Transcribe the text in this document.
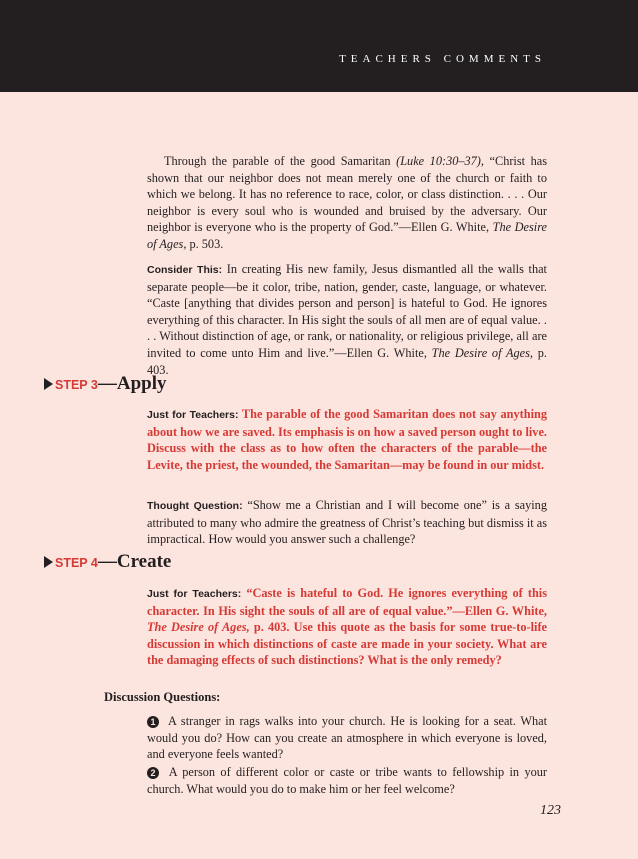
TEACHERS COMMENTS
Through the parable of the good Samaritan (Luke 10:30–37), “Christ has shown that our neighbor does not mean merely one of the church or faith to which we belong. It has no reference to race, color, or class distinction. . . . Our neighbor is every soul who is wounded and bruised by the adversary. Our neighbor is everyone who is the property of God.”—Ellen G. White, The Desire of Ages, p. 503.
Consider This: In creating His new family, Jesus dismantled all the walls that separate people—be it color, tribe, nation, gender, caste, language, or whatever. “Caste [anything that divides person and person] is hateful to God. He ignores everything of this character. In His sight the souls of all men are of equal value. . . . Without distinction of age, or rank, or nationality, or religious privilege, all are invited to come unto Him and live.”—Ellen G. White, The Desire of Ages, p. 403.
STEP 3 —Apply
Just for Teachers: The parable of the good Samaritan does not say anything about how we are saved. Its emphasis is on how a saved person ought to live. Discuss with the class as to how often the characters of the parable—the Levite, the priest, the wounded, the Samaritan—may be found in our midst.
Thought Question: “Show me a Christian and I will become one” is a saying attributed to many who admire the greatness of Christ’s teaching but dismiss it as impractical. How would you answer such a challenge?
STEP 4 —Create
Just for Teachers: “Caste is hateful to God. He ignores everything of this character. In His sight the souls of all are of equal value.”—Ellen G. White, The Desire of Ages, p. 403. Use this quote as the basis for some true-to-life discussion in which distinctions of caste are made in your society. What are the damaging effects of such distinctions? What is the only remedy?
Discussion Questions:
1 A stranger in rags walks into your church. He is looking for a seat. What would you do? How can you create an atmosphere in which everyone is loved, and everyone feels wanted?
2 A person of different color or caste or tribe wants to fellowship in your church. What would you do to make him or her feel welcome?
123
